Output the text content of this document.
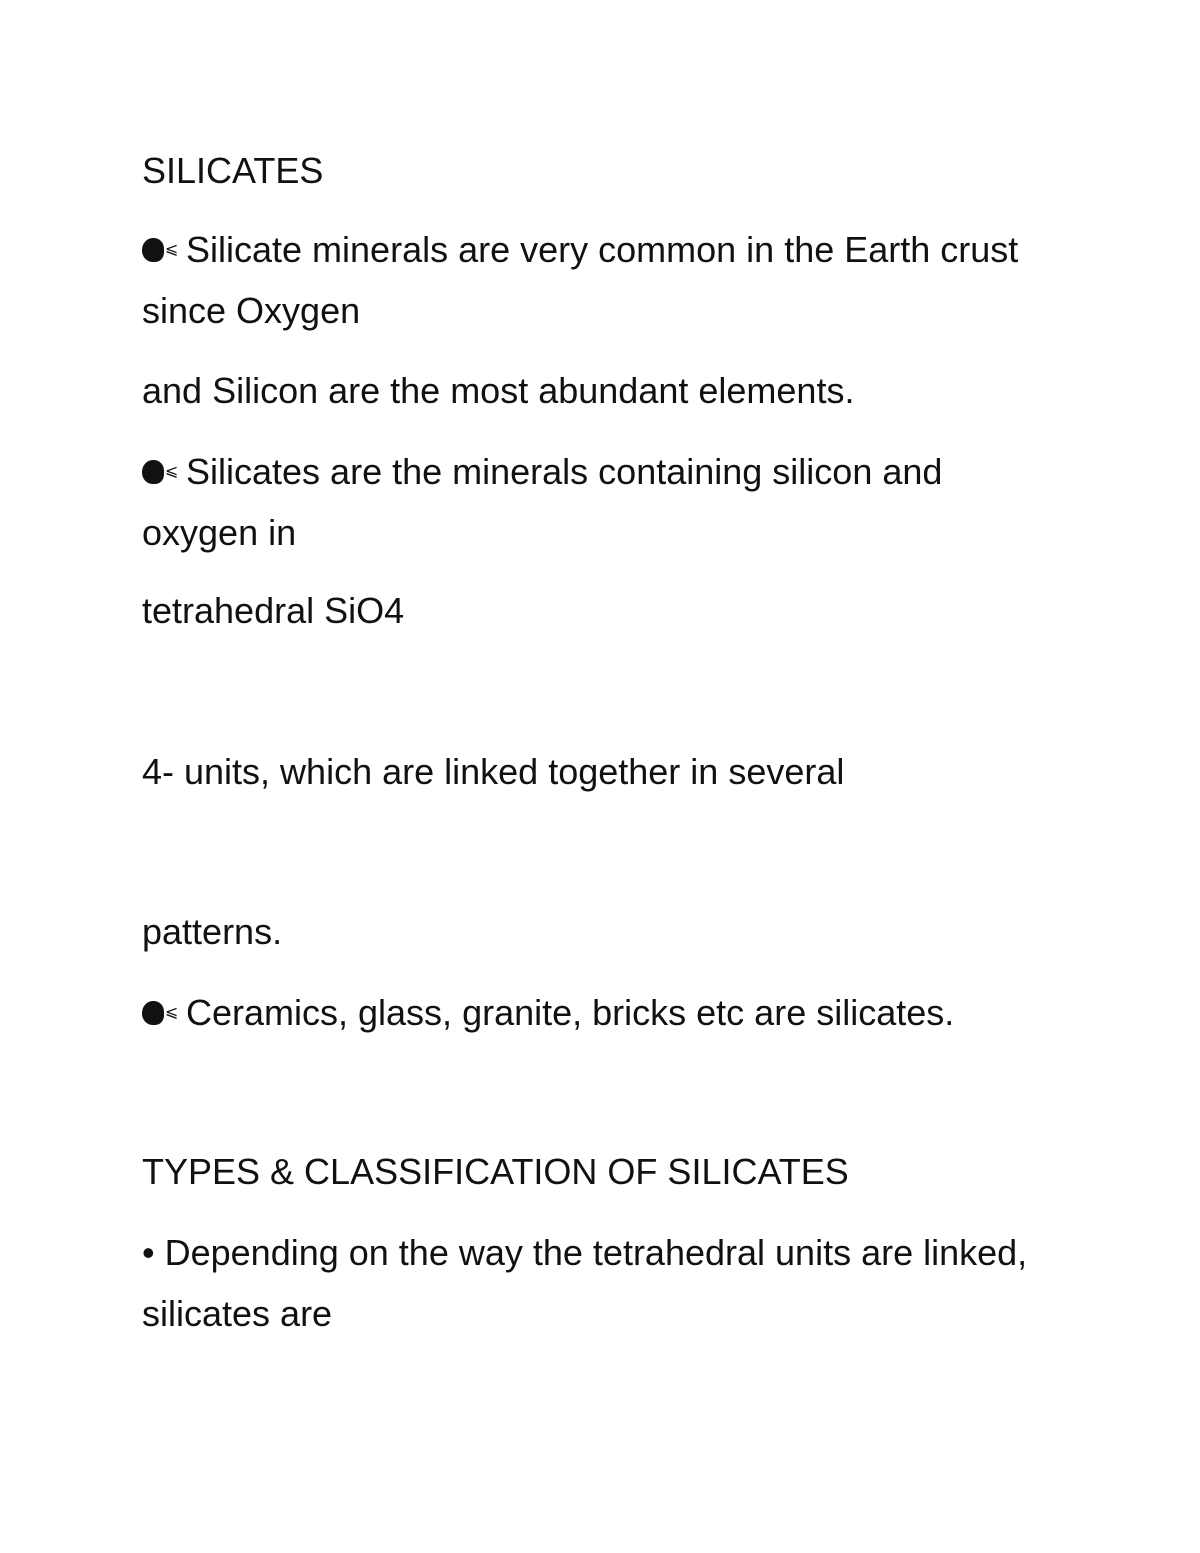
SILICATES
⩽ Silicate minerals are very common in the Earth crust since Oxygen
and Silicon are the most abundant elements.
⩽ Silicates are the minerals containing silicon and oxygen in
tetrahedral SiO4
4- units, which are linked together in several
patterns.
⩽ Ceramics, glass, granite, bricks etc are silicates.
TYPES & CLASSIFICATION OF SILICATES
• Depending on the way the tetrahedral units are linked, silicates are
